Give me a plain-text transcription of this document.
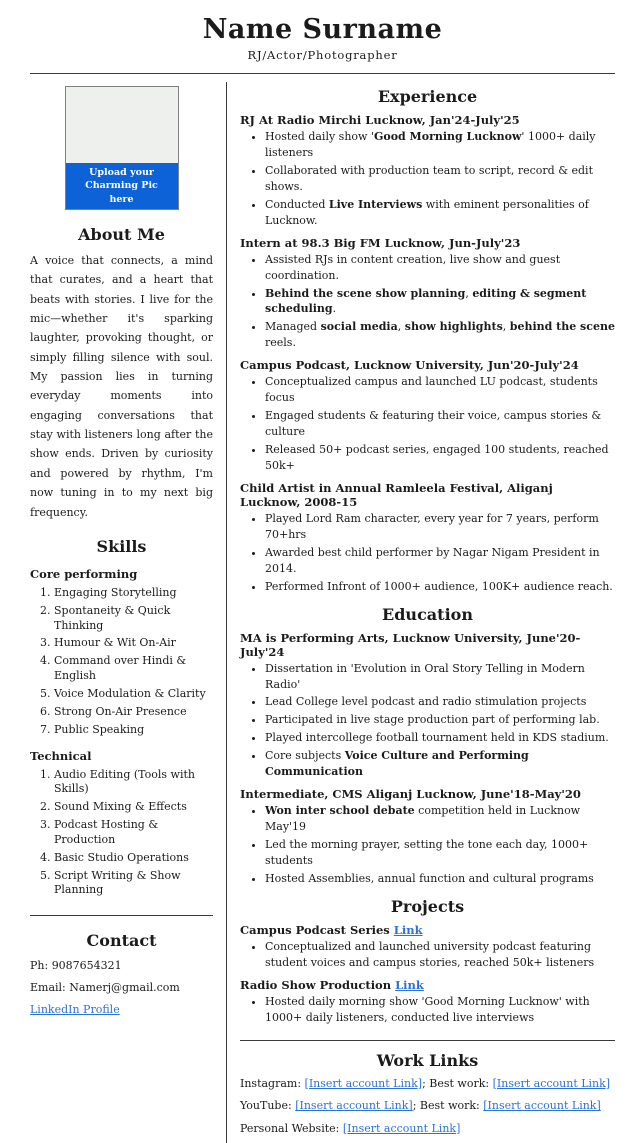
Name Surname
RJ/Actor/Photographer
Upload your Charming Pic here
About Me

A voice that connects, a mind that curates, and a heart that beats with stories. I live for the mic—whether it's sparking laughter, provoking thought, or simply filling silence with soul. My passion lies in turning everyday moments into engaging conversations that stay with listeners long after the show ends. Driven by curiosity and powered by rhythm, I'm now tuning in to my next big frequency.

Skills
Core performing
1. Engaging Storytelling
2. Spontaneity & Quick Thinking
3. Humour & Wit On-Air
4. Command over Hindi & English
5. Voice Modulation & Clarity
6. Strong On-Air Presence
7. Public Speaking
Technical
1. Audio Editing (Tools with Skills)
2. Sound Mixing & Effects
3. Podcast Hosting & Production
4. Basic Studio Operations
5. Script Writing & Show Planning
Contact

Ph: 9087654321

Email: Namerj@gmail.com

LinkedIn Profile

Experience
RJ At Radio Mirchi Lucknow, Jan'24-July'25
• Hosted daily show 'Good Morning Lucknow' 1000+ daily listeners
• Collaborated with production team to script, record & edit shows.
• Conducted Live Interviews with eminent personalities of Lucknow.
Intern at 98.3 Big FM Lucknow, Jun-July'23
• Assisted RJs in content creation, live show and guest coordination.
• Behind the scene show planning, editing & segment scheduling.
• Managed social media, show highlights, behind the scene reels.
Campus Podcast, Lucknow University, Jun'20-July'24
• Conceptualized campus and launched LU podcast, students focus
• Engaged students & featuring their voice, campus stories & culture
• Released 50+ podcast series, engaged 100 students, reached 50k+
Child Artist in Annual Ramleela Festival, Aliganj Lucknow, 2008-15
• Played Lord Ram character, every year for 7 years, perform 70+hrs
• Awarded best child performer by Nagar Nigam President in 2014.
• Performed Infront of 1000+ audience, 100K+ audience reach.
Education
MA is Performing Arts, Lucknow University, June'20-July'24
• Dissertation in 'Evolution in Oral Story Telling in Modern Radio'
• Lead College level podcast and radio stimulation projects
• Participated in live stage production part of performing lab.
• Played intercollege football tournament held in KDS stadium.
• Core subjects Voice Culture and Performing Communication
Intermediate, CMS Aliganj Lucknow, June'18-May'20
• Won inter school debate competition held in Lucknow May'19
• Led the morning prayer, setting the tone each day, 1000+ students
• Hosted Assemblies, annual function and cultural programs
Projects
Campus Podcast Series Link
• Conceptualized and launched university podcast featuring student voices and campus stories, reached 50k+ listeners
Radio Show Production Link
• Hosted daily morning show 'Good Morning Lucknow' with 1000+ daily listeners, conducted live interviews
Work Links

Instagram: [Insert account Link]; Best work: [Insert account Link]

YouTube: [Insert account Link]; Best work: [Insert account Link]

Personal Website: [Insert account Link]
